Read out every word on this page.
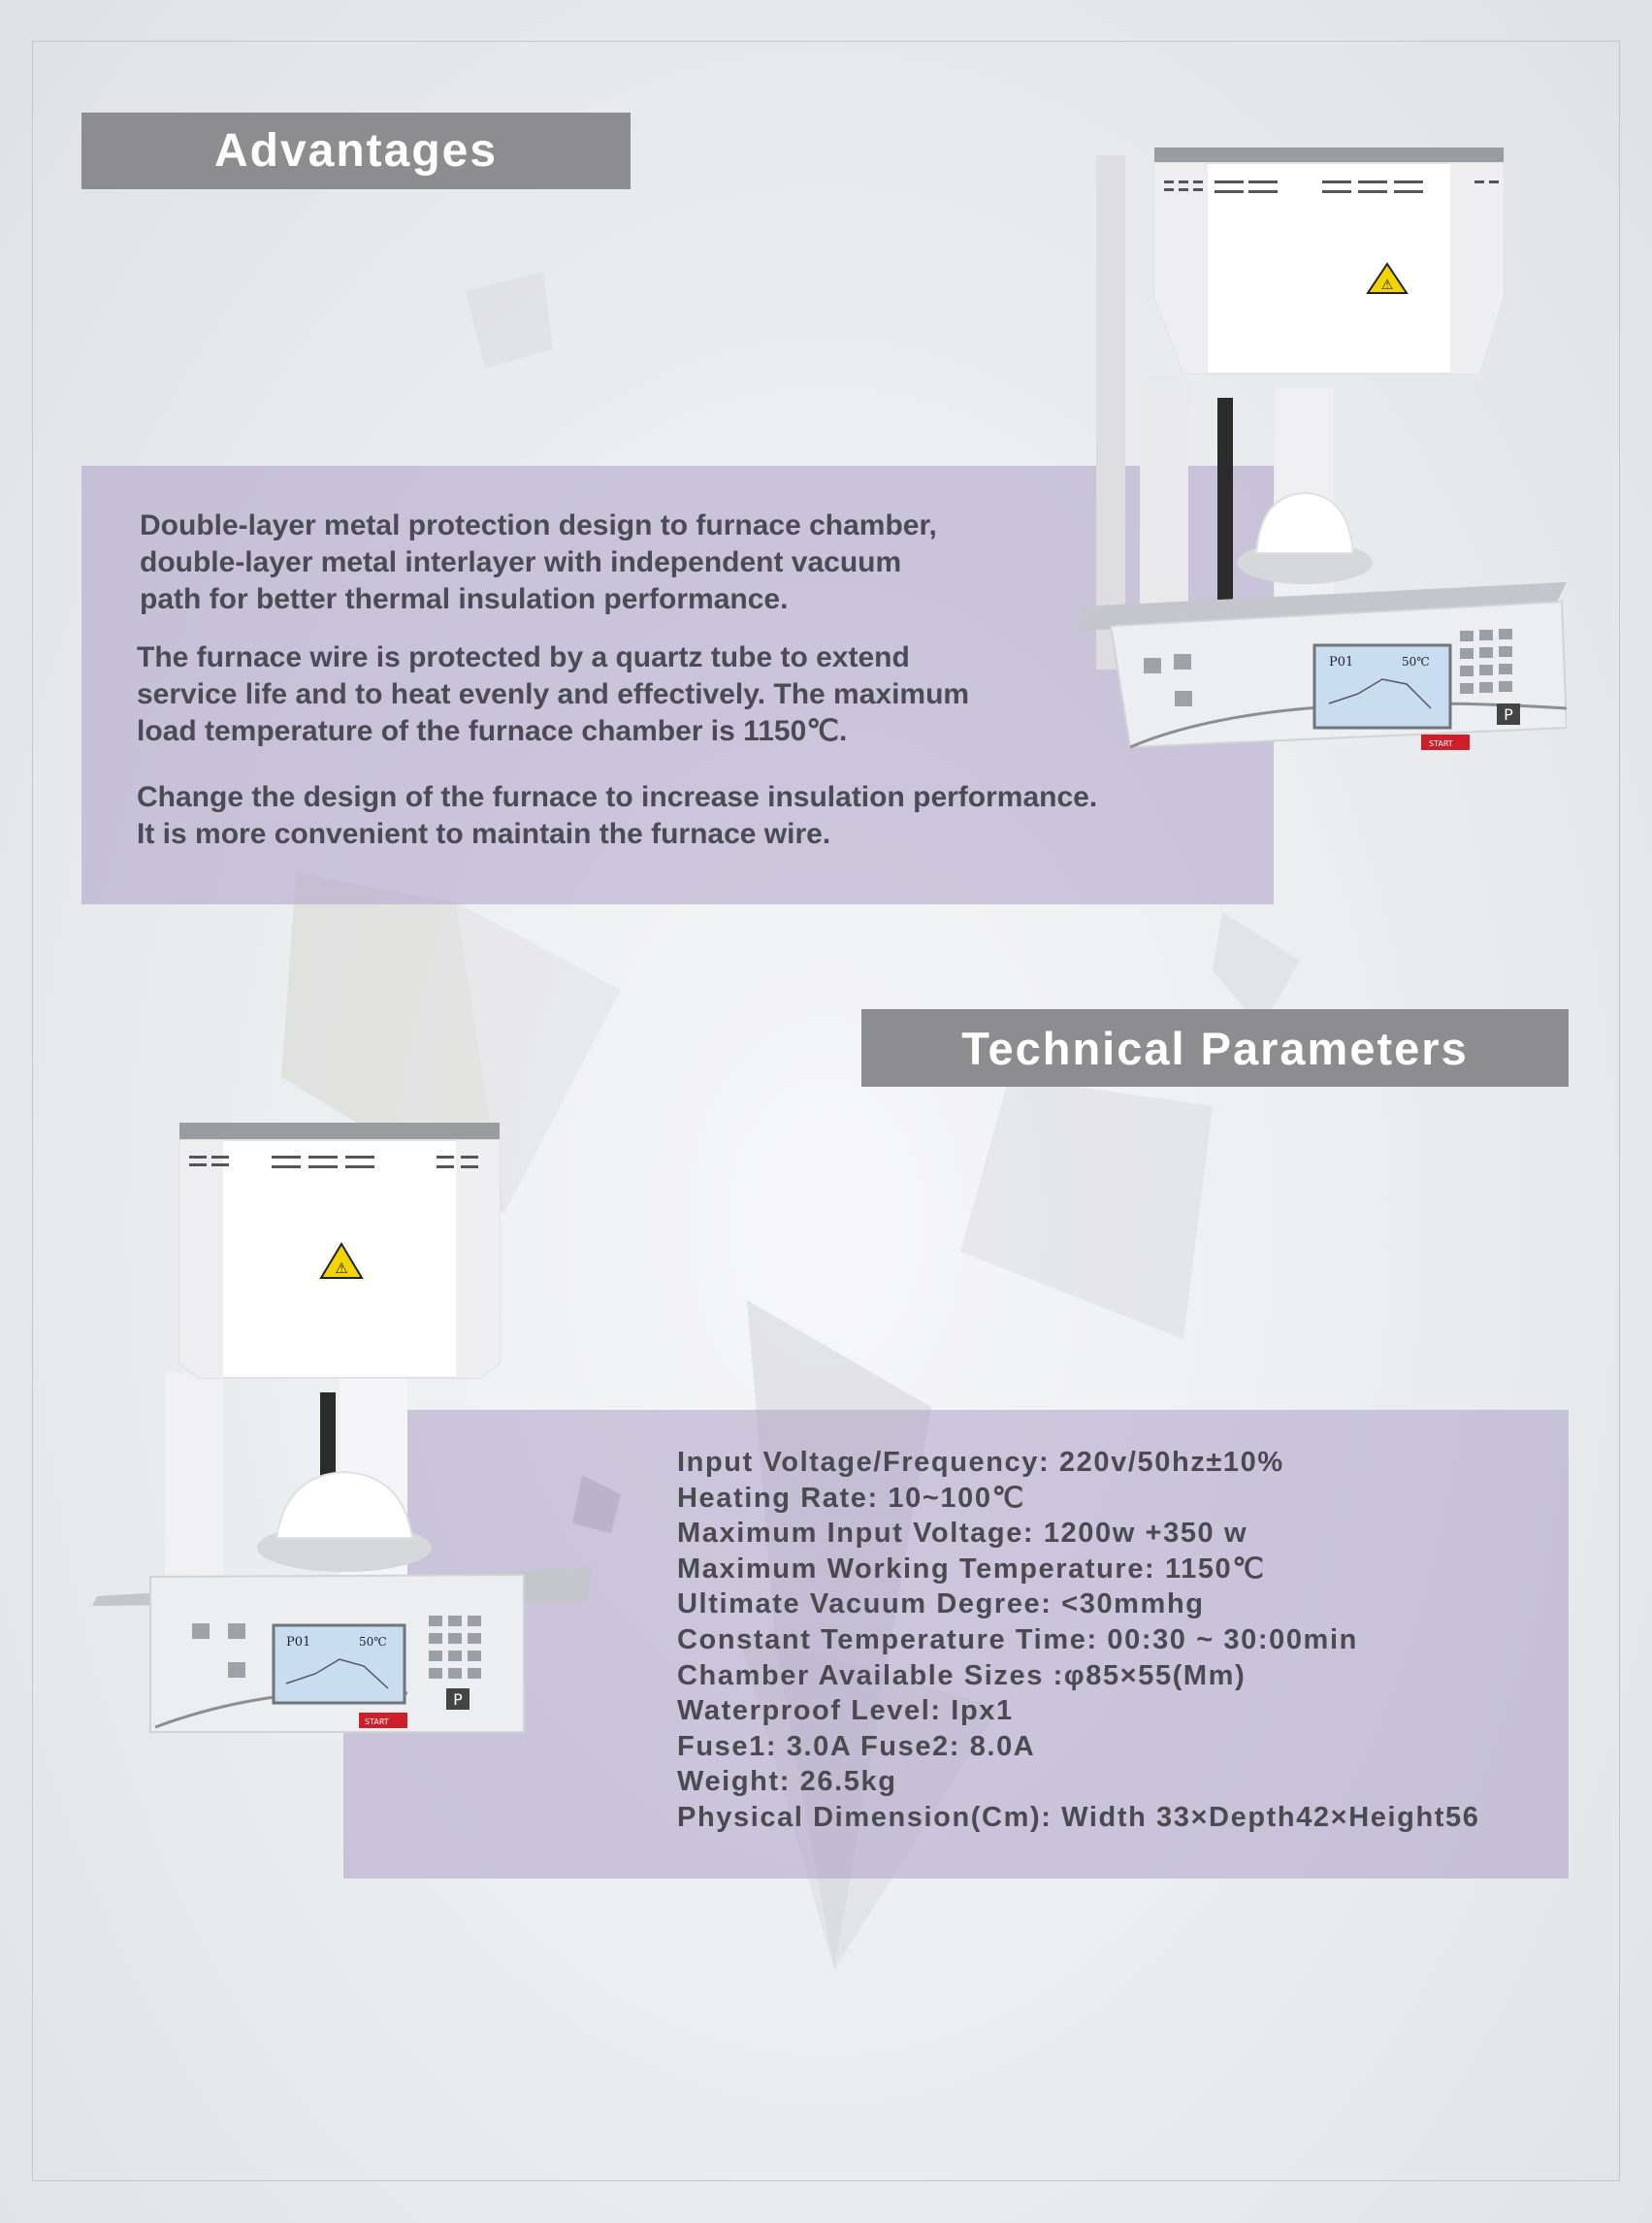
Advantages
⚠
P01	50℃
P
START

Double-layer metal protection design to furnace chamber,
double-layer metal interlayer with independent vacuum
path for better thermal insulation performance.

The furnace wire is protected by a quartz tube to extend
service life and to heat evenly and effectively. The maximum
load temperature of the furnace chamber is 1150℃.

Change the design of the furnace to increase insulation performance.
It is more convenient to maintain the furnace wire.

Technical Parameters
⚠
P01	50℃
P
START
Input Voltage/Frequency: 220v/50hz±10%
Heating Rate: 10~100℃
Maximum Input Voltage: 1200w +350 w
Maximum Working Temperature: 1150℃
Ultimate Vacuum Degree: <30mmhg
Constant Temperature Time: 00:30 ~ 30:00min
Chamber Available Sizes :φ85×55(Mm)
Waterproof Level: Ipx1
Fuse1: 3.0A Fuse2: 8.0A
Weight: 26.5kg
Physical Dimension(Cm): Width 33×Depth42×Height56
